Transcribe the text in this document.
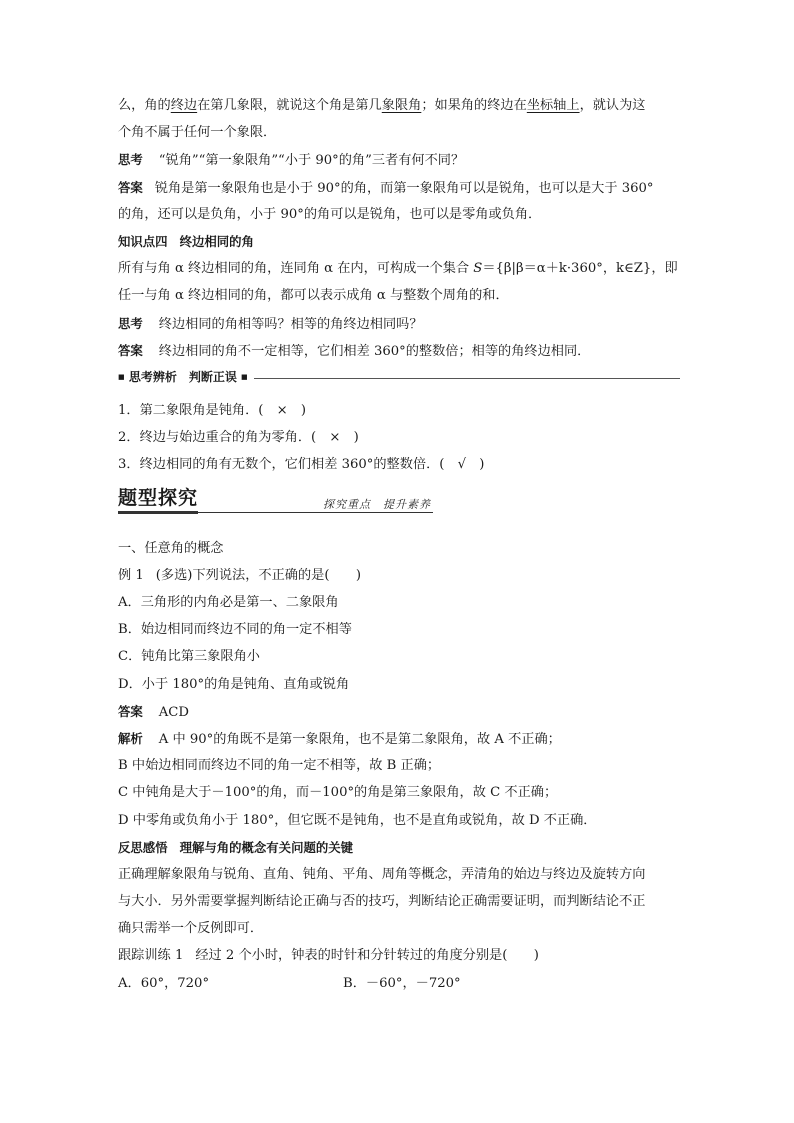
么，角的终边在第几象限，就说这个角是第几象限角；如果角的终边在坐标轴上，就认为这
个角不属于任何一个象限．
思考 “锐角”“第一象限角”“小于 90°的角”三者有何不同？
答案 锐角是第一象限角也是小于 90°的角，而第一象限角可以是锐角，也可以是大于 360°
的角，还可以是负角，小于 90°的角可以是锐角，也可以是零角或负角．
知识点四 终边相同的角
所有与角 α 终边相同的角，连同角 α 在内，可构成一个集合 S＝{β|β＝α＋k·360°，k∈Z}，即
任一与角 α 终边相同的角，都可以表示成角 α 与整数个周角的和．
思考 终边相同的角相等吗？相等的角终边相同吗？
答案 终边相同的角不一定相等，它们相差 360°的整数倍；相等的角终边相同．
■ 思考辨析　判断正误 ■
1．第二象限角是钝角．(　×　)
2．终边与始边重合的角为零角．(　×　)
3．终边相同的角有无数个，它们相差 360°的整数倍．(　√　)
题型探究	探究重点　提升素养
一、任意角的概念
例 1 (多选)下列说法，不正确的是(　　)
A．三角形的内角必是第一、二象限角
B．始边相同而终边不同的角一定不相等
C．钝角比第三象限角小
D．小于 180°的角是钝角、直角或锐角
答案 ACD
解析 A 中 90°的角既不是第一象限角，也不是第二象限角，故 A 不正确；
B 中始边相同而终边不同的角一定不相等，故 B 正确；
C 中钝角是大于－100°的角，而－100°的角是第三象限角，故 C 不正确；
D 中零角或负角小于 180°，但它既不是钝角，也不是直角或锐角，故 D 不正确．
反思感悟 理解与角的概念有关问题的关键
正确理解象限角与锐角、直角、钝角、平角、周角等概念，弄清角的始边与终边及旋转方向
与大小．另外需要掌握判断结论正确与否的技巧，判断结论正确需要证明，而判断结论不正
确只需举一个反例即可．
跟踪训练 1 经过 2 个小时，钟表的时针和分针转过的角度分别是(　　)
A．60°，720°	B．－60°，－720°
